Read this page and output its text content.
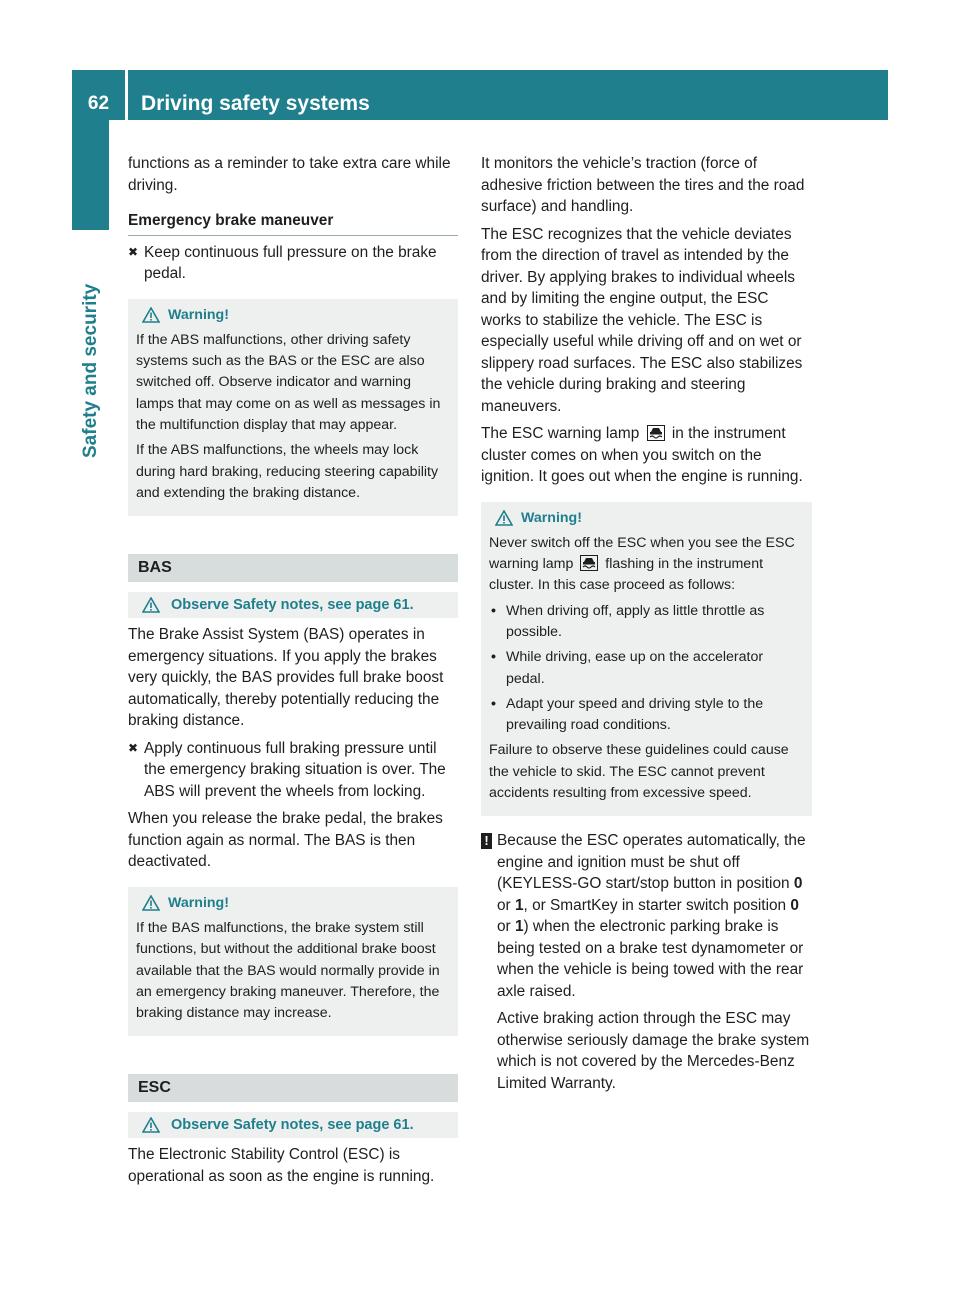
62	Driving safety systems
Safety and security

functions as a reminder to take extra care while driving.

Emergency brake maneuver
✖ Keep continuous full pressure on the brake pedal.
Warning!

If the ABS malfunctions, other driving safety systems such as the BAS or the ESC are also switched off. Observe indicator and warning lamps that may come on as well as messages in the multifunction display that may appear.

If the ABS malfunctions, the wheels may lock during hard braking, reducing steering capability and extending the braking distance.

BAS
Observe Safety notes, see page 61.

The Brake Assist System (BAS) operates in emergency situations. If you apply the brakes very quickly, the BAS provides full brake boost automatically, thereby potentially reducing the braking distance.

✖ Apply continuous full braking pressure until the emergency braking situation is over. The ABS will prevent the wheels from locking.

When you release the brake pedal, the brakes function again as normal. The BAS is then deactivated.

Warning!

If the BAS malfunctions, the brake system still functions, but without the additional brake boost available that the BAS would normally provide in an emergency braking maneuver. Therefore, the braking distance may increase.

ESC
Observe Safety notes, see page 61.

The Electronic Stability Control (ESC) is operational as soon as the engine is running.

It monitors the vehicle’s traction (force of adhesive friction between the tires and the road surface) and handling.

The ESC recognizes that the vehicle deviates from the direction of travel as intended by the driver. By applying brakes to individual wheels and by limiting the engine output, the ESC works to stabilize the vehicle. The ESC is especially useful while driving off and on wet or slippery road surfaces. The ESC also stabilizes the vehicle during braking and steering maneuvers.

The ESC warning lamp in the instrument cluster comes on when you switch on the ignition. It goes out when the engine is running.

Warning!

Never switch off the ESC when you see the ESC warning lamp flashing in the instrument cluster. In this case proceed as follows:

• When driving off, apply as little throttle as possible.
• While driving, ease up on the accelerator pedal.
• Adapt your speed and driving style to the prevailing road conditions.

Failure to observe these guidelines could cause the vehicle to skid. The ESC cannot prevent accidents resulting from excessive speed.

! Because the ESC operates automatically, the engine and ignition must be shut off (KEYLESS-GO start/stop button in position 0 or 1, or SmartKey in starter switch position 0 or 1) when the electronic parking brake is being tested on a brake test dynamometer or when the vehicle is being towed with the rear axle raised.

Active braking action through the ESC may otherwise seriously damage the brake system which is not covered by the Mercedes-Benz Limited Warranty.
